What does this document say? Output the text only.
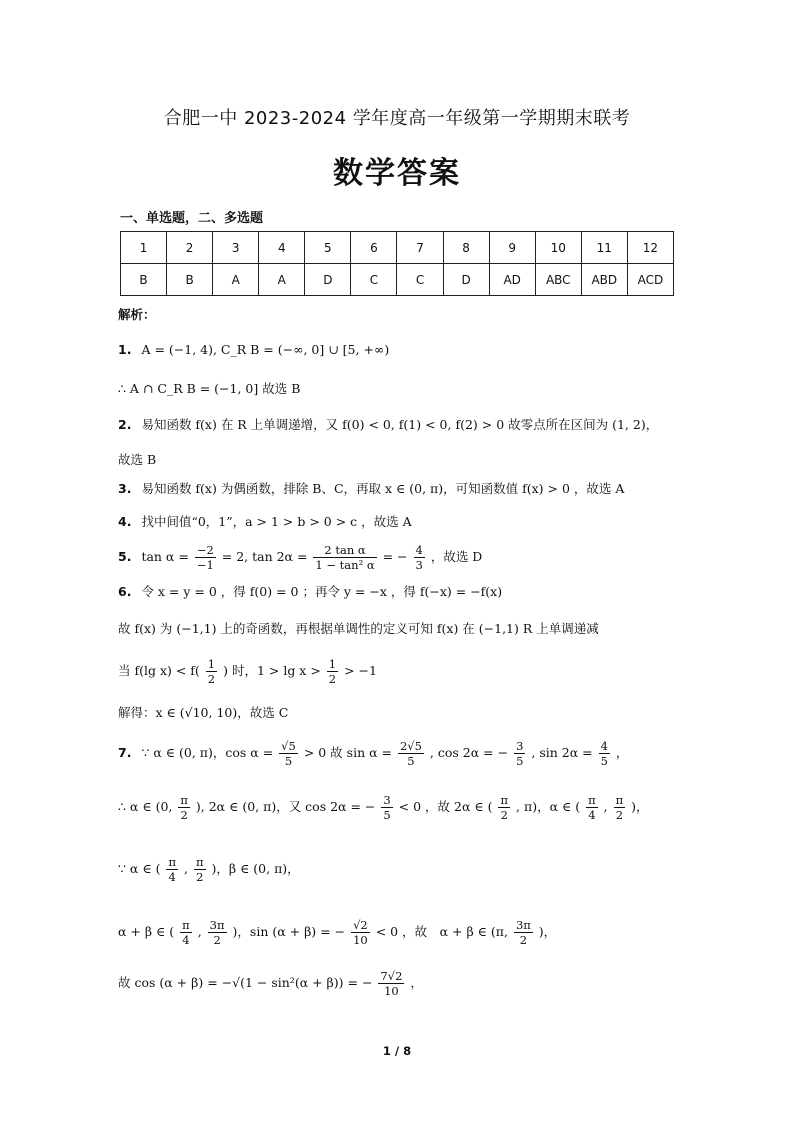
合肥一中 2023-2024 学年度高一年级第一学期期末联考
数学答案
一、单选题，二、多选题
1	2	3	4	5	6	7	8	9	10	11	12
B	B	A	A	D	C	C	D	AD	ABC	ABD	ACD
解析：
1. A = (−1, 4), C_R B = (−∞, 0] ∪ [5, +∞)
∴ A ∩ C_R B = (−1, 0] 故选 B
2. 易知函数 f(x) 在 R 上单调递增，又 f(0) < 0, f(1) < 0, f(2) > 0 故零点所在区间为 (1, 2)，
故选 B
3. 易知函数 f(x) 为偶函数，排除 B、C，再取 x ∈ (0, π)，可知函数值 f(x) > 0 ，故选 A
4. 找中间值“0，1”，a > 1 > b > 0 > c ，故选 A
5. $\tan \alpha = \frac{-2}{-1} = 2$, $\tan 2\alpha = \frac{\text{2 tan α}}{\text{1 − tan² α}}$ = − $\frac{4}{3}$ ，故选 D
6. 令 x = y = 0 ，得 f(0) = 0 ；再令 y = −x ，得 f(−x) = −f(x)
故 f(x) 为 (−1,1) 上的奇函数，再根据单调性的定义可知 f(x) 在 (−1,1) R 上单调递减
当 f(lg $x) < f( \frac{1}{2}$ ) 时，$1 > \lg x > \frac{1}{2} > -1$
解得：x ∈ (√10, 10)，故选 C
7. ∵ α ∈ (0, π)，$\cos \alpha = \frac{√5}{5} > 0$ 故 $\sin \alpha = \frac{2√5}{5}$ , cos 2α = − $\frac{3}{5}$ , $\sin 2\alpha = \frac{4}{5}$ ，
∴ α ∈ (0, $\frac{\pi}{2}$ ), 2α ∈ (0, π)，又 cos 2α = − $\frac{3}{5} < 0$ ，故 2α ∈ ( $\frac{\pi}{2}$ , π)，α ∈ ( $\frac{\pi}{4}$ , $\frac{\pi}{2}$ )，
∵ α ∈ ( $\frac{\pi}{4}$ , $\frac{\pi}{2}$ )，β ∈ (0, π)，
α + β ∈ ( $\frac{\pi}{4}$ , $\frac{3\pi}{2}$ )，sin (α + β) = − $\frac{√2}{10} < 0$ ，故　α + β ∈ (π, $\frac{3\pi}{2}$ )，
故 cos (α + β) = −√(1 − sin²(α + β)) = − $\frac{7√2}{10}$ ，
1 / 8
